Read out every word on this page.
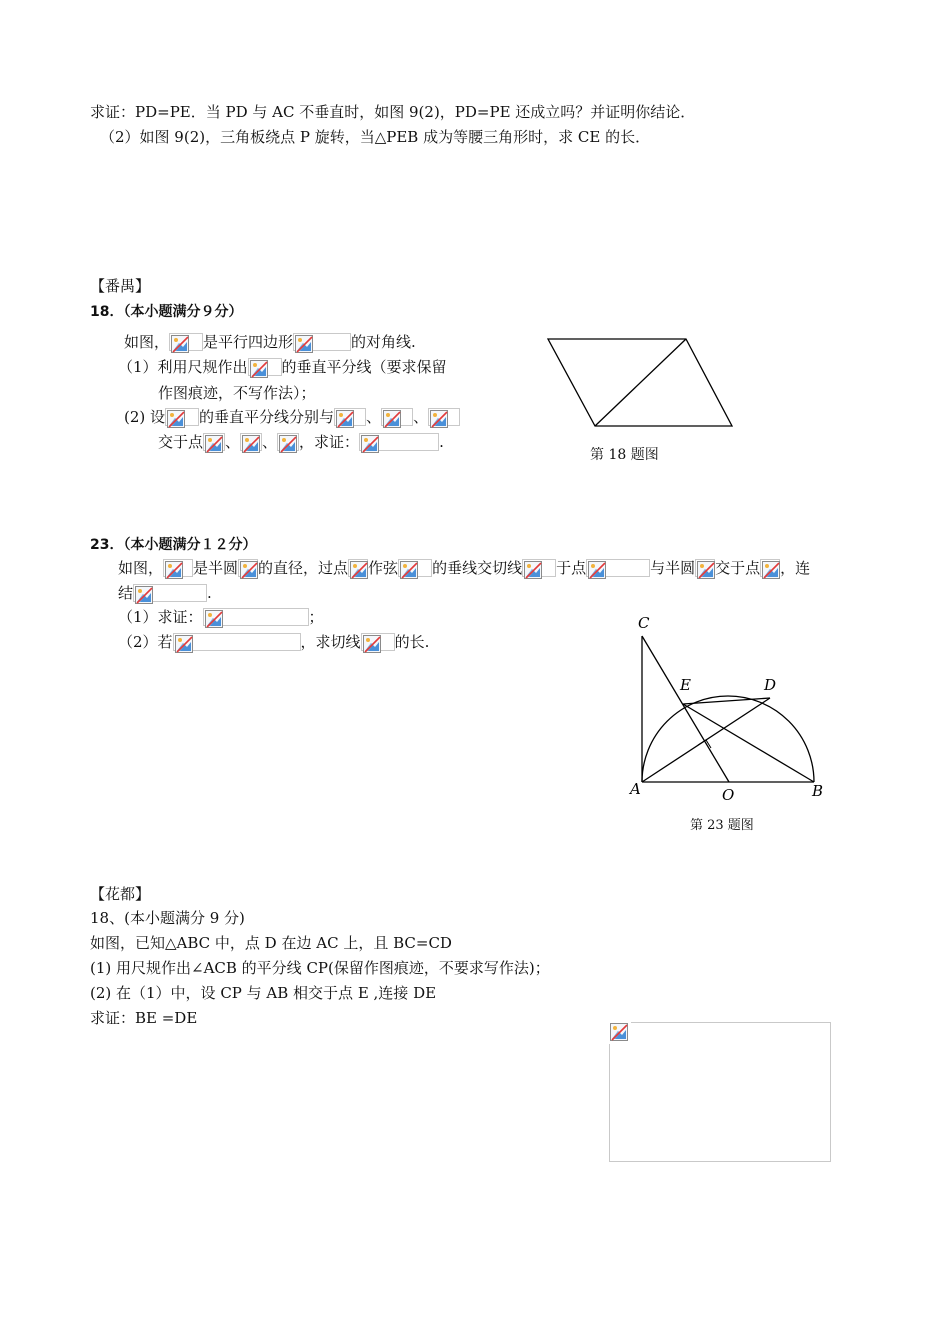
求证：PD=PE．当 PD 与 AC 不垂直时，如图 9(2)，PD=PE 还成立吗？并证明你结论．
（2）如图 9(2)，三角板绕点 P 旋转，当△PEB 成为等腰三角形时，求 CE 的长．
【番禺】
18．（本小题满分９分）
如图， 是平行四边形	的对角线.
（1）利用尺规作出 的垂直平分线（要求保留
作图痕迹，不写作法）；
(2) 设 的垂直平分线分别与 、 、
交于点 、 、 ，求证：	.
第 18 题图
23．（本小题满分１２分）
如图， 是半圆 的直径，过点 作弦 的垂线交切线 于点	与半圆 交于点 ，连
结	.
（1）求证：	；
（2）若	，求切线 的长.
C
E	D
A	O	B
第 23 题图
【花都】
18、(本小题满分 9 分)
如图，已知△ABC 中，点 D 在边 AC 上，且 BC=CD
(1) 用尺规作出∠ACB 的平分线 CP(保留作图痕迹，不要求写作法)；
(2) 在（1）中，设 CP 与 AB 相交于点 E ,连接 DE
求证：BE =DE
